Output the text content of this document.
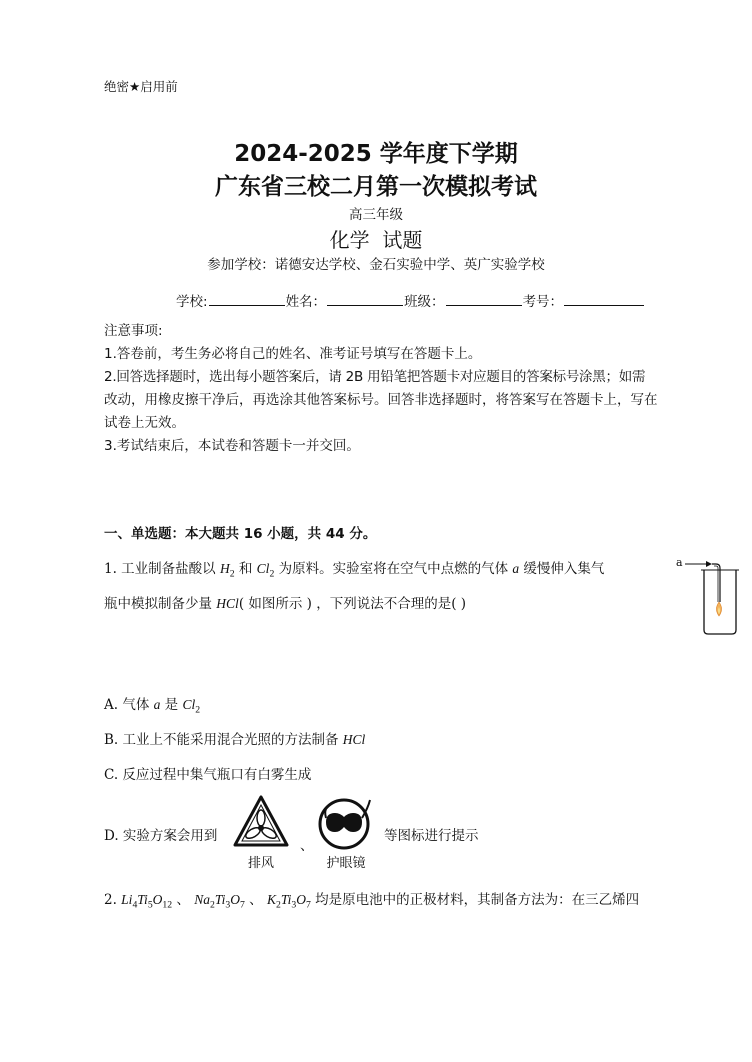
绝密★启用前
2024-2025 学年度下学期
广东省三校二月第一次模拟考试
高三年级
化学  试题
参加学校：诺德安达学校、金石实验中学、英广实验学校
学校:	姓名：	班级：	考号：
注意事项:
1.答卷前，考生务必将自己的姓名、准考证号填写在答题卡上。
2.回答选择题时，选出每小题答案后，请 2B 用铅笔把答题卡对应题目的答案标号涂黑；如需
改动，用橡皮擦干净后，再选涂其他答案标号。回答非选择题时，将答案写在答题卡上，写在
试卷上无效。
3.考试结束后，本试卷和答题卡一并交回。
一、单选题：本大题共 16 小题，共 44 分。
1. 工业制备盐酸以 $H_2$ 和 $Cl_2$ 为原料。实验室将在空气中点燃的气体 a 缓慢伸入集气
瓶中模拟制备少量 HCl( 如图所示 ) ，下列说法不合理的是( )
a
A. 气体 a 是 $Cl_2$
B. 工业上不能采用混合光照的方法制备 HCl
C. 反应过程中集气瓶口有白雾生成
D. 实验方案会用到
排风
、
护眼镜
等图标进行提示
2. $Li_4Ti_5O_{12}$ 、 $Na_2Ti_3O_7$ 、 $K_2Ti_3O_7$ 均是原电池中的正极材料，其制备方法为：在三乙烯四
